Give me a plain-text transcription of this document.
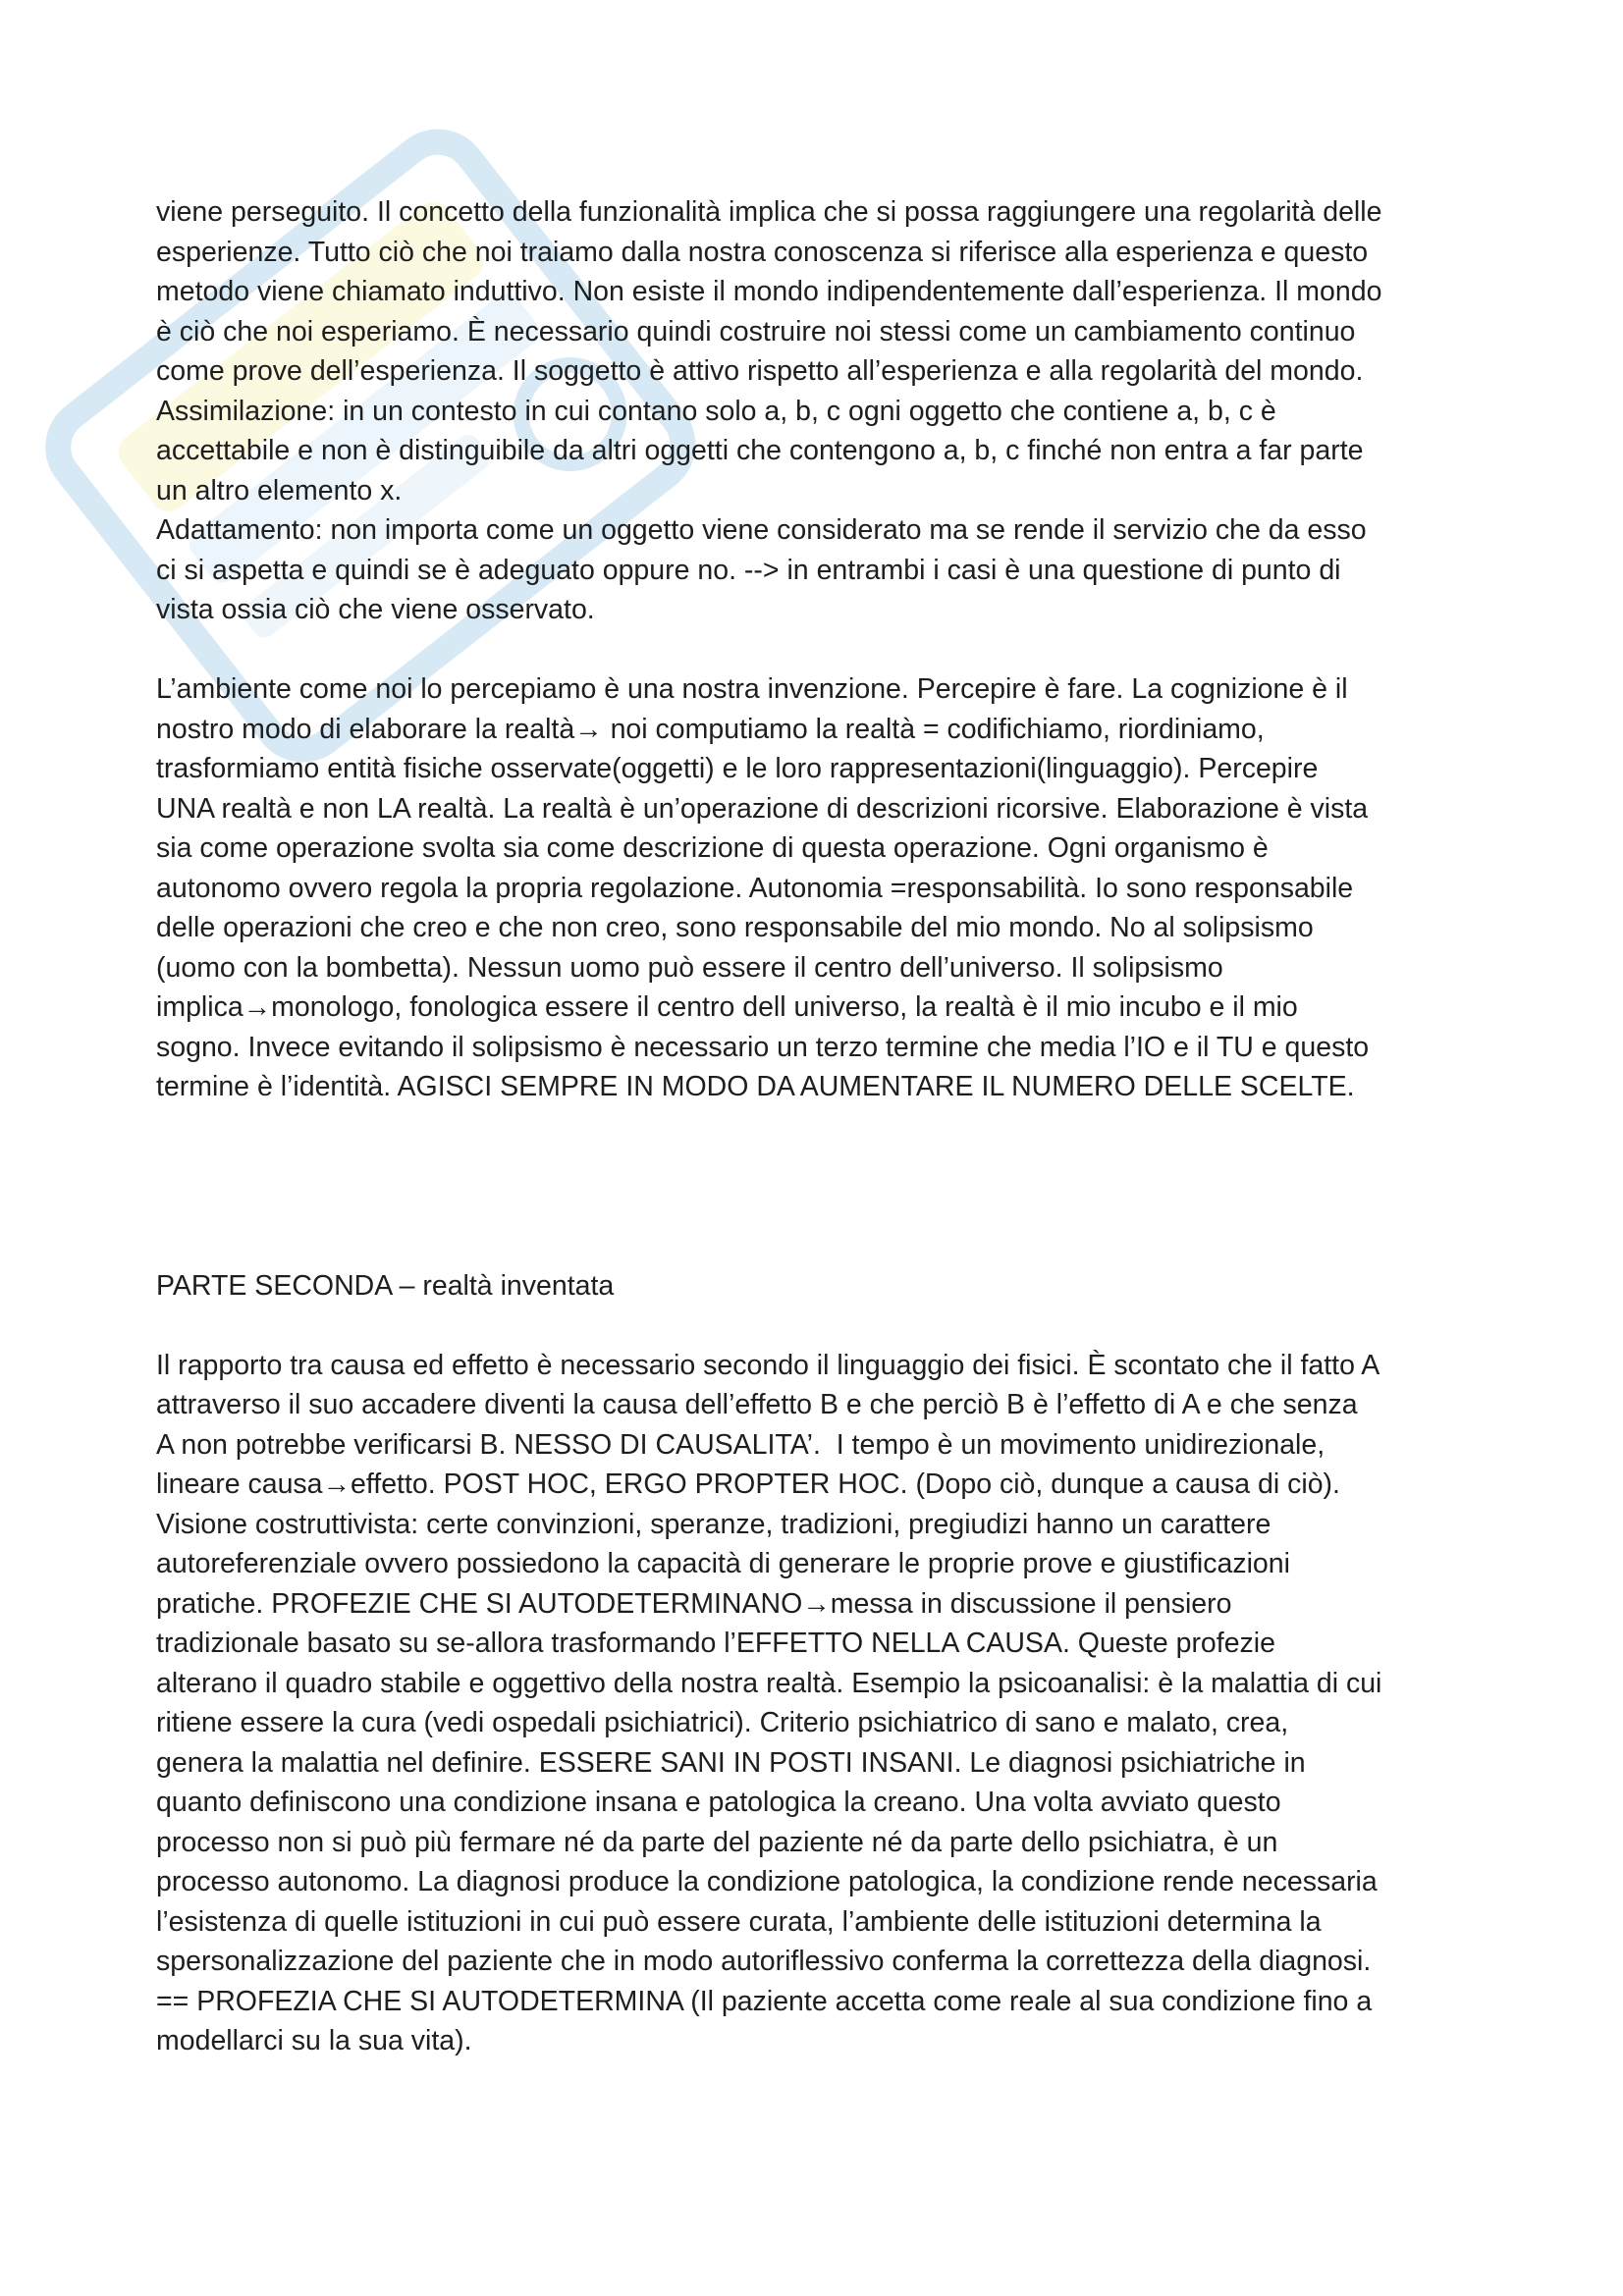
viene perseguito. Il concetto della funzionalità implica che si possa raggiungere una regolarità delle

esperienze. Tutto ciò che noi traiamo dalla nostra conoscenza si riferisce alla esperienza e questo

metodo viene chiamato induttivo. Non esiste il mondo indipendentemente dall’esperienza. Il mondo

è ciò che noi esperiamo. È necessario quindi costruire noi stessi come un cambiamento continuo

come prove dell’esperienza. Il soggetto è attivo rispetto all’esperienza e alla regolarità del mondo.

Assimilazione: in un contesto in cui contano solo a, b, c ogni oggetto che contiene a, b, c è

accettabile e non è distinguibile da altri oggetti che contengono a, b, c finché non entra a far parte

un altro elemento x.

Adattamento: non importa come un oggetto viene considerato ma se rende il servizio che da esso

ci si aspetta e quindi se è adeguato oppure no. --> in entrambi i casi è una questione di punto di

vista ossia ciò che viene osservato.

L’ambiente come noi lo percepiamo è una nostra invenzione. Percepire è fare. La cognizione è il

nostro modo di elaborare la realtà→ noi computiamo la realtà = codifichiamo, riordiniamo,

trasformiamo entità fisiche osservate(oggetti) e le loro rappresentazioni(linguaggio). Percepire

UNA realtà e non LA realtà. La realtà è un’operazione di descrizioni ricorsive. Elaborazione è vista

sia come operazione svolta sia come descrizione di questa operazione. Ogni organismo è

autonomo ovvero regola la propria regolazione. Autonomia =responsabilità. Io sono responsabile

delle operazioni che creo e che non creo, sono responsabile del mio mondo. No al solipsismo

(uomo con la bombetta). Nessun uomo può essere il centro dell’universo. Il solipsismo

implica→monologo, fonologica essere il centro dell universo, la realtà è il mio incubo e il mio

sogno. Invece evitando il solipsismo è necessario un terzo termine che media l’IO e il TU e questo

termine è l’identità. AGISCI SEMPRE IN MODO DA AUMENTARE IL NUMERO DELLE SCELTE.

PARTE SECONDA – realtà inventata

Il rapporto tra causa ed effetto è necessario secondo il linguaggio dei fisici. È scontato che il fatto A

attraverso il suo accadere diventi la causa dell’effetto B e che perciò B è l’effetto di A e che senza

A non potrebbe verificarsi B. NESSO DI CAUSALITA’.  I tempo è un movimento unidirezionale,

lineare causa→effetto. POST HOC, ERGO PROPTER HOC. (Dopo ciò, dunque a causa di ciò).

Visione costruttivista: certe convinzioni, speranze, tradizioni, pregiudizi hanno un carattere

autoreferenziale ovvero possiedono la capacità di generare le proprie prove e giustificazioni

pratiche. PROFEZIE CHE SI AUTODETERMINANO→messa in discussione il pensiero

tradizionale basato su se-allora trasformando l’EFFETTO NELLA CAUSA. Queste profezie

alterano il quadro stabile e oggettivo della nostra realtà. Esempio la psicoanalisi: è la malattia di cui

ritiene essere la cura (vedi ospedali psichiatrici). Criterio psichiatrico di sano e malato, crea,

genera la malattia nel definire. ESSERE SANI IN POSTI INSANI. Le diagnosi psichiatriche in

quanto definiscono una condizione insana e patologica la creano. Una volta avviato questo

processo non si può più fermare né da parte del paziente né da parte dello psichiatra, è un

processo autonomo. La diagnosi produce la condizione patologica, la condizione rende necessaria

l’esistenza di quelle istituzioni in cui può essere curata, l’ambiente delle istituzioni determina la

spersonalizzazione del paziente che in modo autoriflessivo conferma la correttezza della diagnosi.

== PROFEZIA CHE SI AUTODETERMINA (Il paziente accetta come reale al sua condizione fino a

modellarci su la sua vita).
